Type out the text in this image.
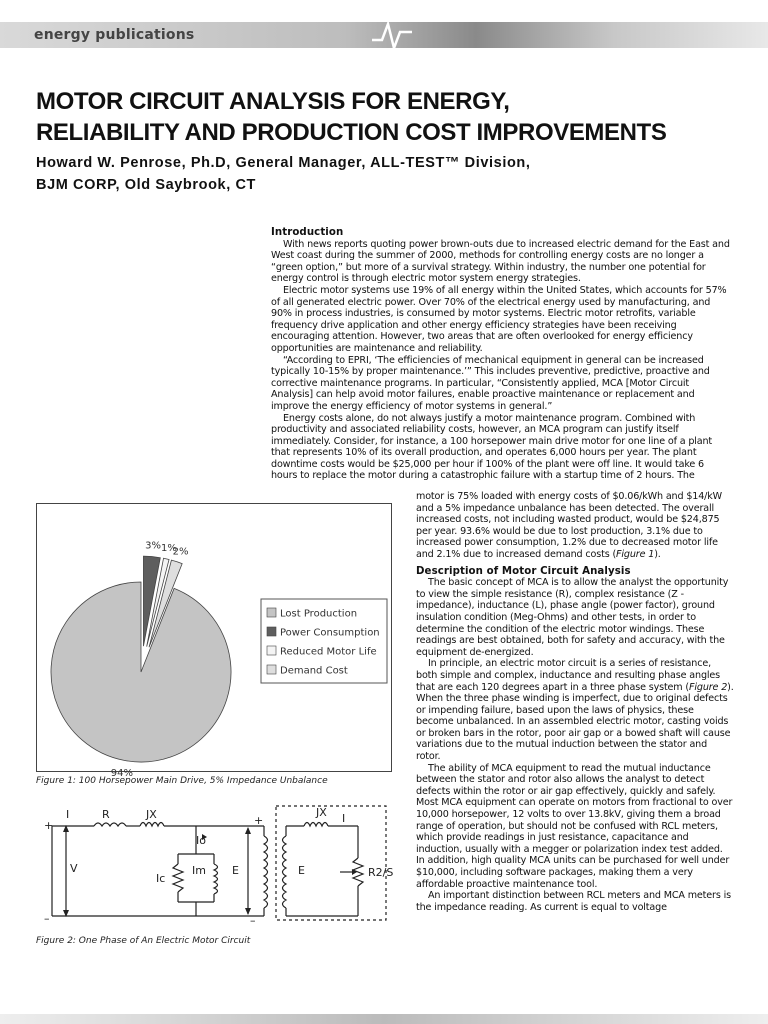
energy publications
MOTOR CIRCUIT ANALYSIS FOR ENERGY,
RELIABILITY AND PRODUCTION COST IMPROVEMENTS
Howard W. Penrose, Ph.D, General Manager, ALL-TEST™ Division,
BJM CORP, Old Saybrook, CT
Introduction

With news reports quoting power brown-outs due to increased electric demand for the East and West coast during the summer of 2000, methods for controlling energy costs are no longer a “green option,” but more of a survival strategy. Within industry, the number one potential for energy control is through electric motor system energy strategies.

Electric motor systems use 19% of all energy within the United States, which accounts for 57% of all generated electric power. Over 70% of the electrical energy used by manufacturing, and 90% in process industries, is consumed by motor systems. Electric motor retrofits, variable frequency drive application and other energy efficiency strategies have been receiving encouraging attention. However, two areas that are often overlooked for energy efficiency opportunities are maintenance and reliability.

“According to EPRI, ‘The efficiencies of mechanical equipment in general can be increased typically 10-15% by proper maintenance.’” This includes preventive, predictive, proactive and corrective maintenance programs. In particular, “Consistently applied, MCA [Motor Circuit Analysis] can help avoid motor failures, enable proactive maintenance or replacement and improve the energy efficiency of motor systems in general.”

Energy costs alone, do not always justify a motor maintenance program. Combined with productivity and associated reliability costs, however, an MCA program can justify itself immediately. Consider, for instance, a 100 horsepower main drive motor for one line of a plant that represents 10% of its overall production, and operates 6,000 hours per year. The plant downtime costs would be $25,000 per hour if 100% of the plant were off line. It would take 6 hours to replace the motor during a catastrophic failure with a startup time of 2 hours. The

motor is 75% loaded with energy costs of $0.06/kWh and $14/kW and a 5% impedance unbalance has been detected. The overall increased costs, not including wasted product, would be $24,875 per year. 93.6% would be due to lost production, 3.1% due to increased power consumption, 1.2% due to decreased motor life and 2.1% due to increased demand costs (Figure 1).

Description of Motor Circuit Analysis

The basic concept of MCA is to allow the analyst the opportunity to view the simple resistance (R), complex resistance (Z - impedance), inductance (L), phase angle (power factor), ground insulation condition (Meg-Ohms) and other tests, in order to determine the condition of the electric motor windings. These readings are best obtained, both for safety and accuracy, with the equipment de-energized.

In principle, an electric motor circuit is a series of resistance, both simple and complex, inductance and resulting phase angles that are each 120 degrees apart in a three phase system (Figure 2). When the three phase winding is imperfect, due to original defects or impending failure, based upon the laws of physics, these become unbalanced. In an assembled electric motor, casting voids or broken bars in the rotor, poor air gap or a bowed shaft will cause variations due to the mutual induction between the stator and rotor.

The ability of MCA equipment to read the mutual inductance between the stator and rotor also allows the analyst to detect defects within the rotor or air gap effectively, quickly and safely. Most MCA equipment can operate on motors from fractional to over 10,000 horsepower, 12 volts to over 13.8kV, giving them a broad range of operation, but should not be confused with RCL meters, which provide readings in just resistance, capacitance and induction, usually with a megger or polarization index test added. In addition, high quality MCA units can be purchased for well under $10,000, including software packages, making them a very affordable proactive maintenance tool.

An important distinction between RCL meters and MCA meters is the impedance reading. As current is equal to voltage

94%
3% 1%
2%
Lost Production
Power Consumption
Reduced Motor Life
Demand Cost
Figure 1: 100 Horsepower Main Drive, 5% Impedance Unbalance
+
–
I	R	JX
Io
V
Ic
Im E
+
–
E
JX I
R2/S
Figure 2: One Phase of An Electric Motor Circuit
